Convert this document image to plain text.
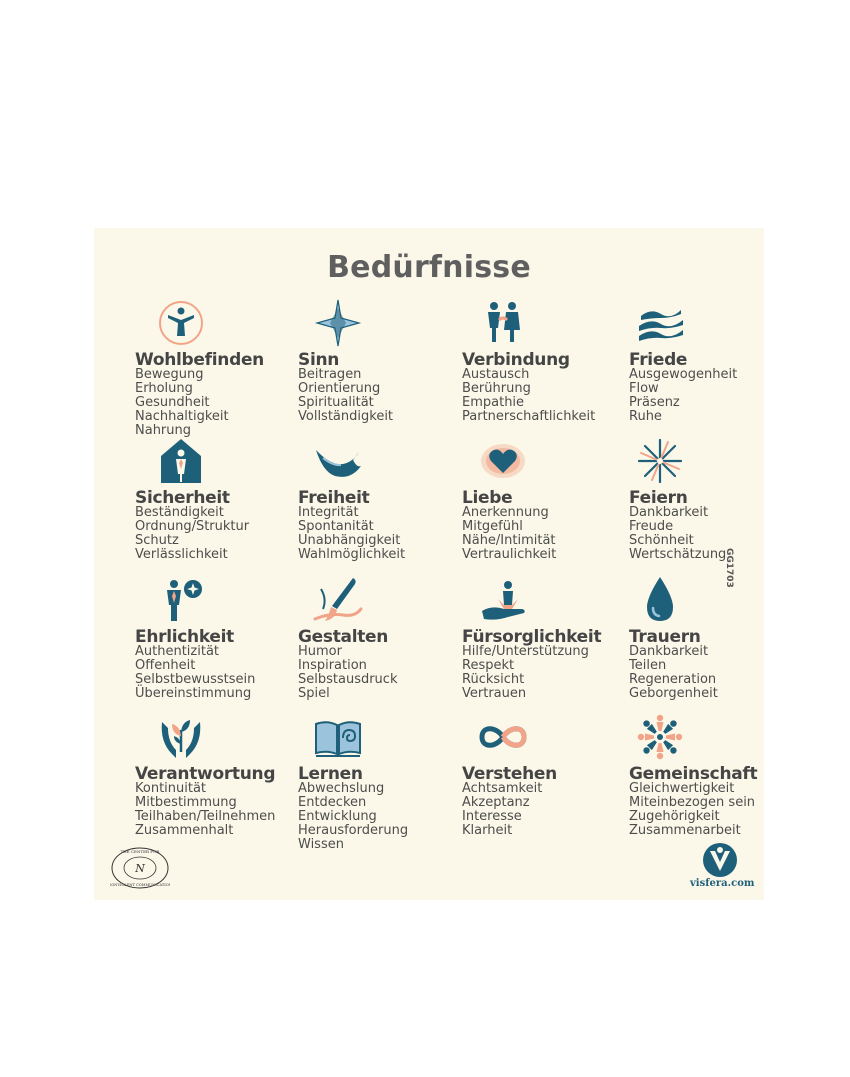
Bedürfnisse
Wohlbefinden
Bewegung
Erholung
Gesundheit
Nachhaltigkeit
Nahrung
Sinn
Beitragen
Orientierung
Spiritualität
Vollständigkeit
Verbindung
Austausch
Berührung
Empathie
Partnerschaftlichkeit
Friede
Ausgewogenheit
Flow
Präsenz
Ruhe
Sicherheit
Beständigkeit
Ordnung/Struktur
Schutz
Verlässlichkeit
Freiheit
Integrität
Spontanität
Unabhängigkeit
Wahlmöglichkeit
Liebe
Anerkennung
Mitgefühl
Nähe/Intimität
Vertraulichkeit
Feiern
Dankbarkeit
Freude
Schönheit
Wertschätzung
Ehrlichkeit
Authentizität
Offenheit
Selbstbewusstsein
Übereinstimmung
Gestalten
Humor
Inspiration
Selbstausdruck
Spiel
Fürsorglichkeit
Hilfe/Unterstützung
Respekt
Rücksicht
Vertrauen
Trauern
Dankbarkeit
Teilen
Regeneration
Geborgenheit
Verantwortung
Kontinuität
Mitbestimmung
Teilhaben/Teilnehmen
Zusammenhalt
Lernen
Abwechslung
Entdecken
Entwicklung
Herausforderung
Wissen
Verstehen
Achtsamkeit
Akzeptanz
Interesse
Klarheit
Gemeinschaft
Gleichwertigkeit
Miteinbezogen sein
Zugehörigkeit
Zusammenarbeit
GG1703
N
THE CENTER FOR
NONVIOLENT COMMUNICATION	visfera.com
